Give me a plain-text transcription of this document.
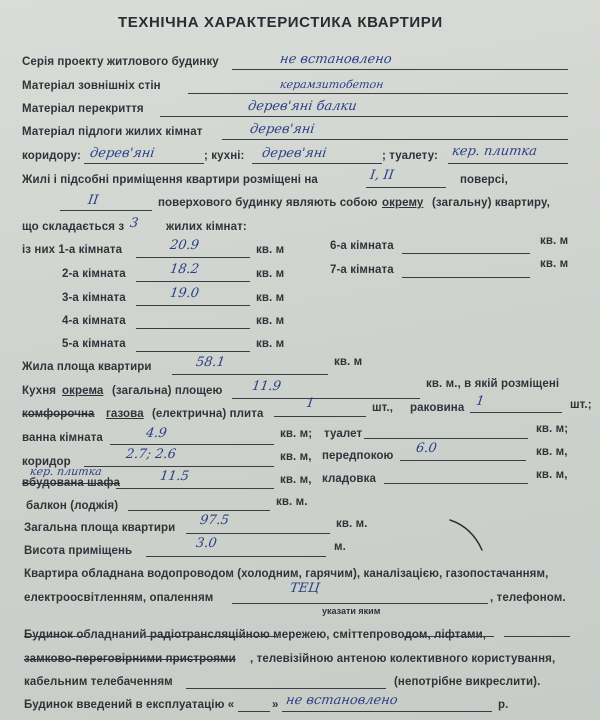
ТЕХНІЧНА ХАРАКТЕРИСТИКА КВАРТИРИ
Серія проекту житлового будинку	не встановлено
Матеріал зовнішніх стін	керамзитобетон
Матеріал перекриття	дерев'яні балки
Матеріал підлоги жилих кімнат	дерев'яні
коридору: дерев'яні	; кухні: дерев'яні	; туалету: кер. плитка
Жилі і підсобні приміщення квартири розміщені на	I, II	поверсі,
II	поверхового будинку являють собою окрему (загальну) квартиру,
що складається з 3 жилих кімнат:
із них 1-а кімната	20.9	кв. м
2-а кімната	18.2	кв. м
3-а кімната	19.0	кв. м
4-а кімната	кв. м
5-а кімната	кв. м
6-а кімната	кв. м
7-а кімната	кв. м
Жила площа квартири	58.1	кв. м
Кухня окрема (загальна) площею 11.9	кв. м., в якій розміщені
комфорочна газова (електрична) плита
1	шт., раковина 1	шт.;
ванна кімната	4.9	кв. м; туалет	кв. м;
коридор	2.7; 2.6	кв. м, передпокою 6.0	кв. м,
кер. плитка
вбудована шафа	11.5	кв. м, кладовка	кв. м,
балкон (лоджія)	кв. м.
Загальна площа квартири 97.5	кв. м.
Висота приміщень	3.0	м.
Квартира обладнана водопроводом (холодним, гарячим), каналізацією, газопостачанням,
електроосвітленням, опаленням
ТЕЦ
указати яким
, телефоном.
Будинок обладнаний радіотрансляційною мережею, сміттепроводом, ліфтами,
замково-переговірними пристроями , телевізійною антеною колективного користування,
кабельним телебаченням	(непотрібне викреслити).
Будинок введений в експлуатацію «	» не встановлено	р.
